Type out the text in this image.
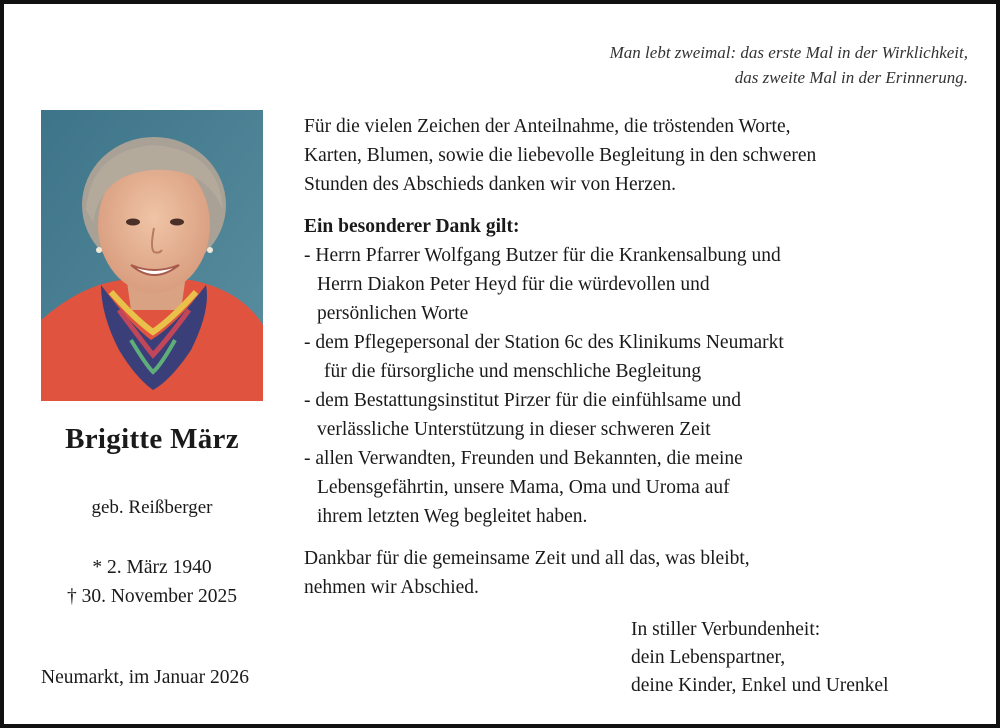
Man lebt zweimal: das erste Mal in der Wirklichkeit,
das zweite Mal in der Erinnerung.
Brigitte März
geb. Reißberger
* 2. März 1940
† 30. November 2025
Neumarkt, im Januar 2026

Für die vielen Zeichen der Anteilnahme, die tröstenden Worte,
Karten, Blumen, sowie die liebevolle Begleitung in den schweren
Stunden des Abschieds danken wir von Herzen.

Ein besonderer Dank gilt:

- Herrn Pfarrer Wolfgang Butzer für die Krankensalbung und
Herrn Diakon Peter Heyd für die würdevollen und
persönlichen Worte

- dem Pflegepersonal der Station 6c des Klinikums Neumarkt
für die fürsorgliche und menschliche Begleitung

- dem Bestattungsinstitut Pirzer für die einfühlsame und
verlässliche Unterstützung in dieser schweren Zeit

- allen Verwandten, Freunden und Bekannten, die meine
Lebensgefährtin, unsere Mama, Oma und Uroma auf
ihrem letzten Weg begleitet haben.

Dankbar für die gemeinsame Zeit und all das, was bleibt,
nehmen wir Abschied.

In stiller Verbundenheit:
dein Lebenspartner,
deine Kinder, Enkel und Urenkel
